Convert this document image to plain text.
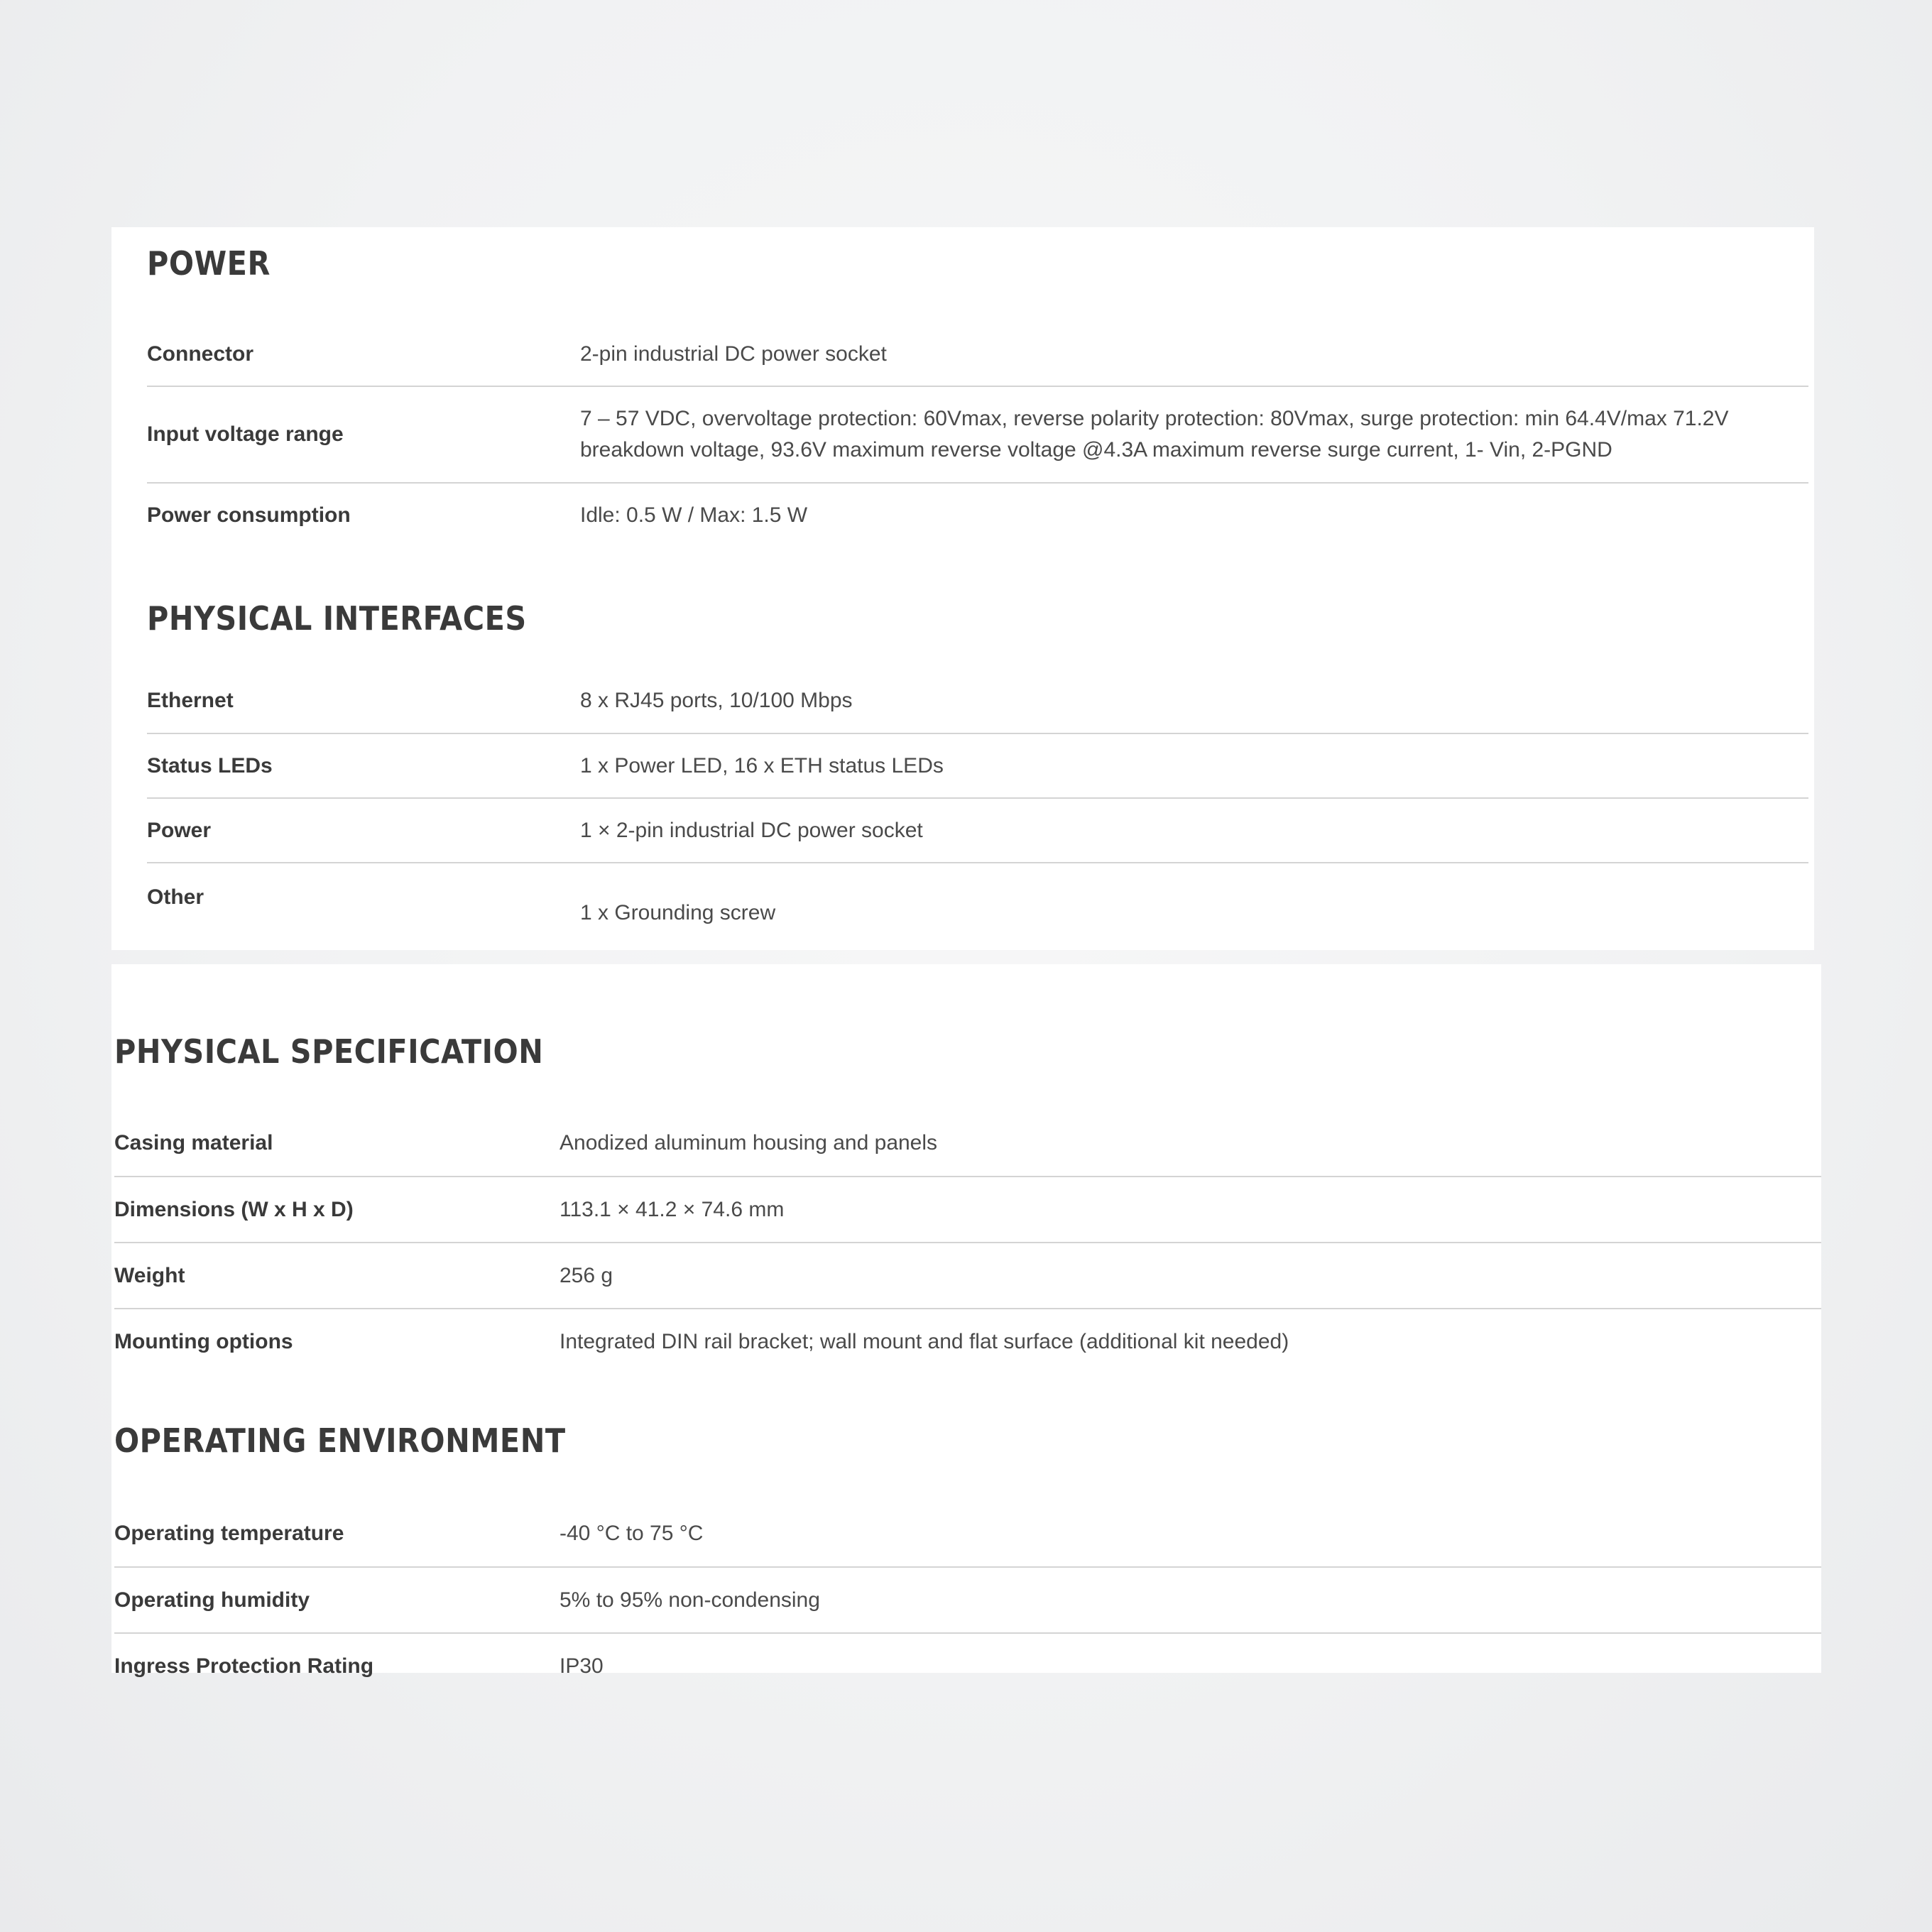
POWER
Connector	2-pin industrial DC power socket
Input voltage range	7 – 57 VDC, overvoltage protection: 60Vmax, reverse polarity protection: 80Vmax, surge protection: min 64.4V/max 71.2V breakdown voltage, 93.6V maximum reverse voltage @4.3A maximum reverse surge current, 1- Vin, 2-PGND
Power consumption	Idle: 0.5 W / Max: 1.5 W
PHYSICAL INTERFACES
Ethernet	8 x RJ45 ports, 10/100 Mbps
Status LEDs	1 x Power LED, 16 x ETH status LEDs
Power	1 × 2-pin industrial DC power socket
Other	1 x Grounding screw
PHYSICAL SPECIFICATION
Casing material	Anodized aluminum housing and panels
Dimensions (W x H x D)	113.1 × 41.2 × 74.6 mm
Weight	256 g
Mounting options	Integrated DIN rail bracket; wall mount and flat surface (additional kit needed)
OPERATING ENVIRONMENT
Operating temperature	-40 °C to 75 °C
Operating humidity	5% to 95% non-condensing
Ingress Protection Rating	IP30
